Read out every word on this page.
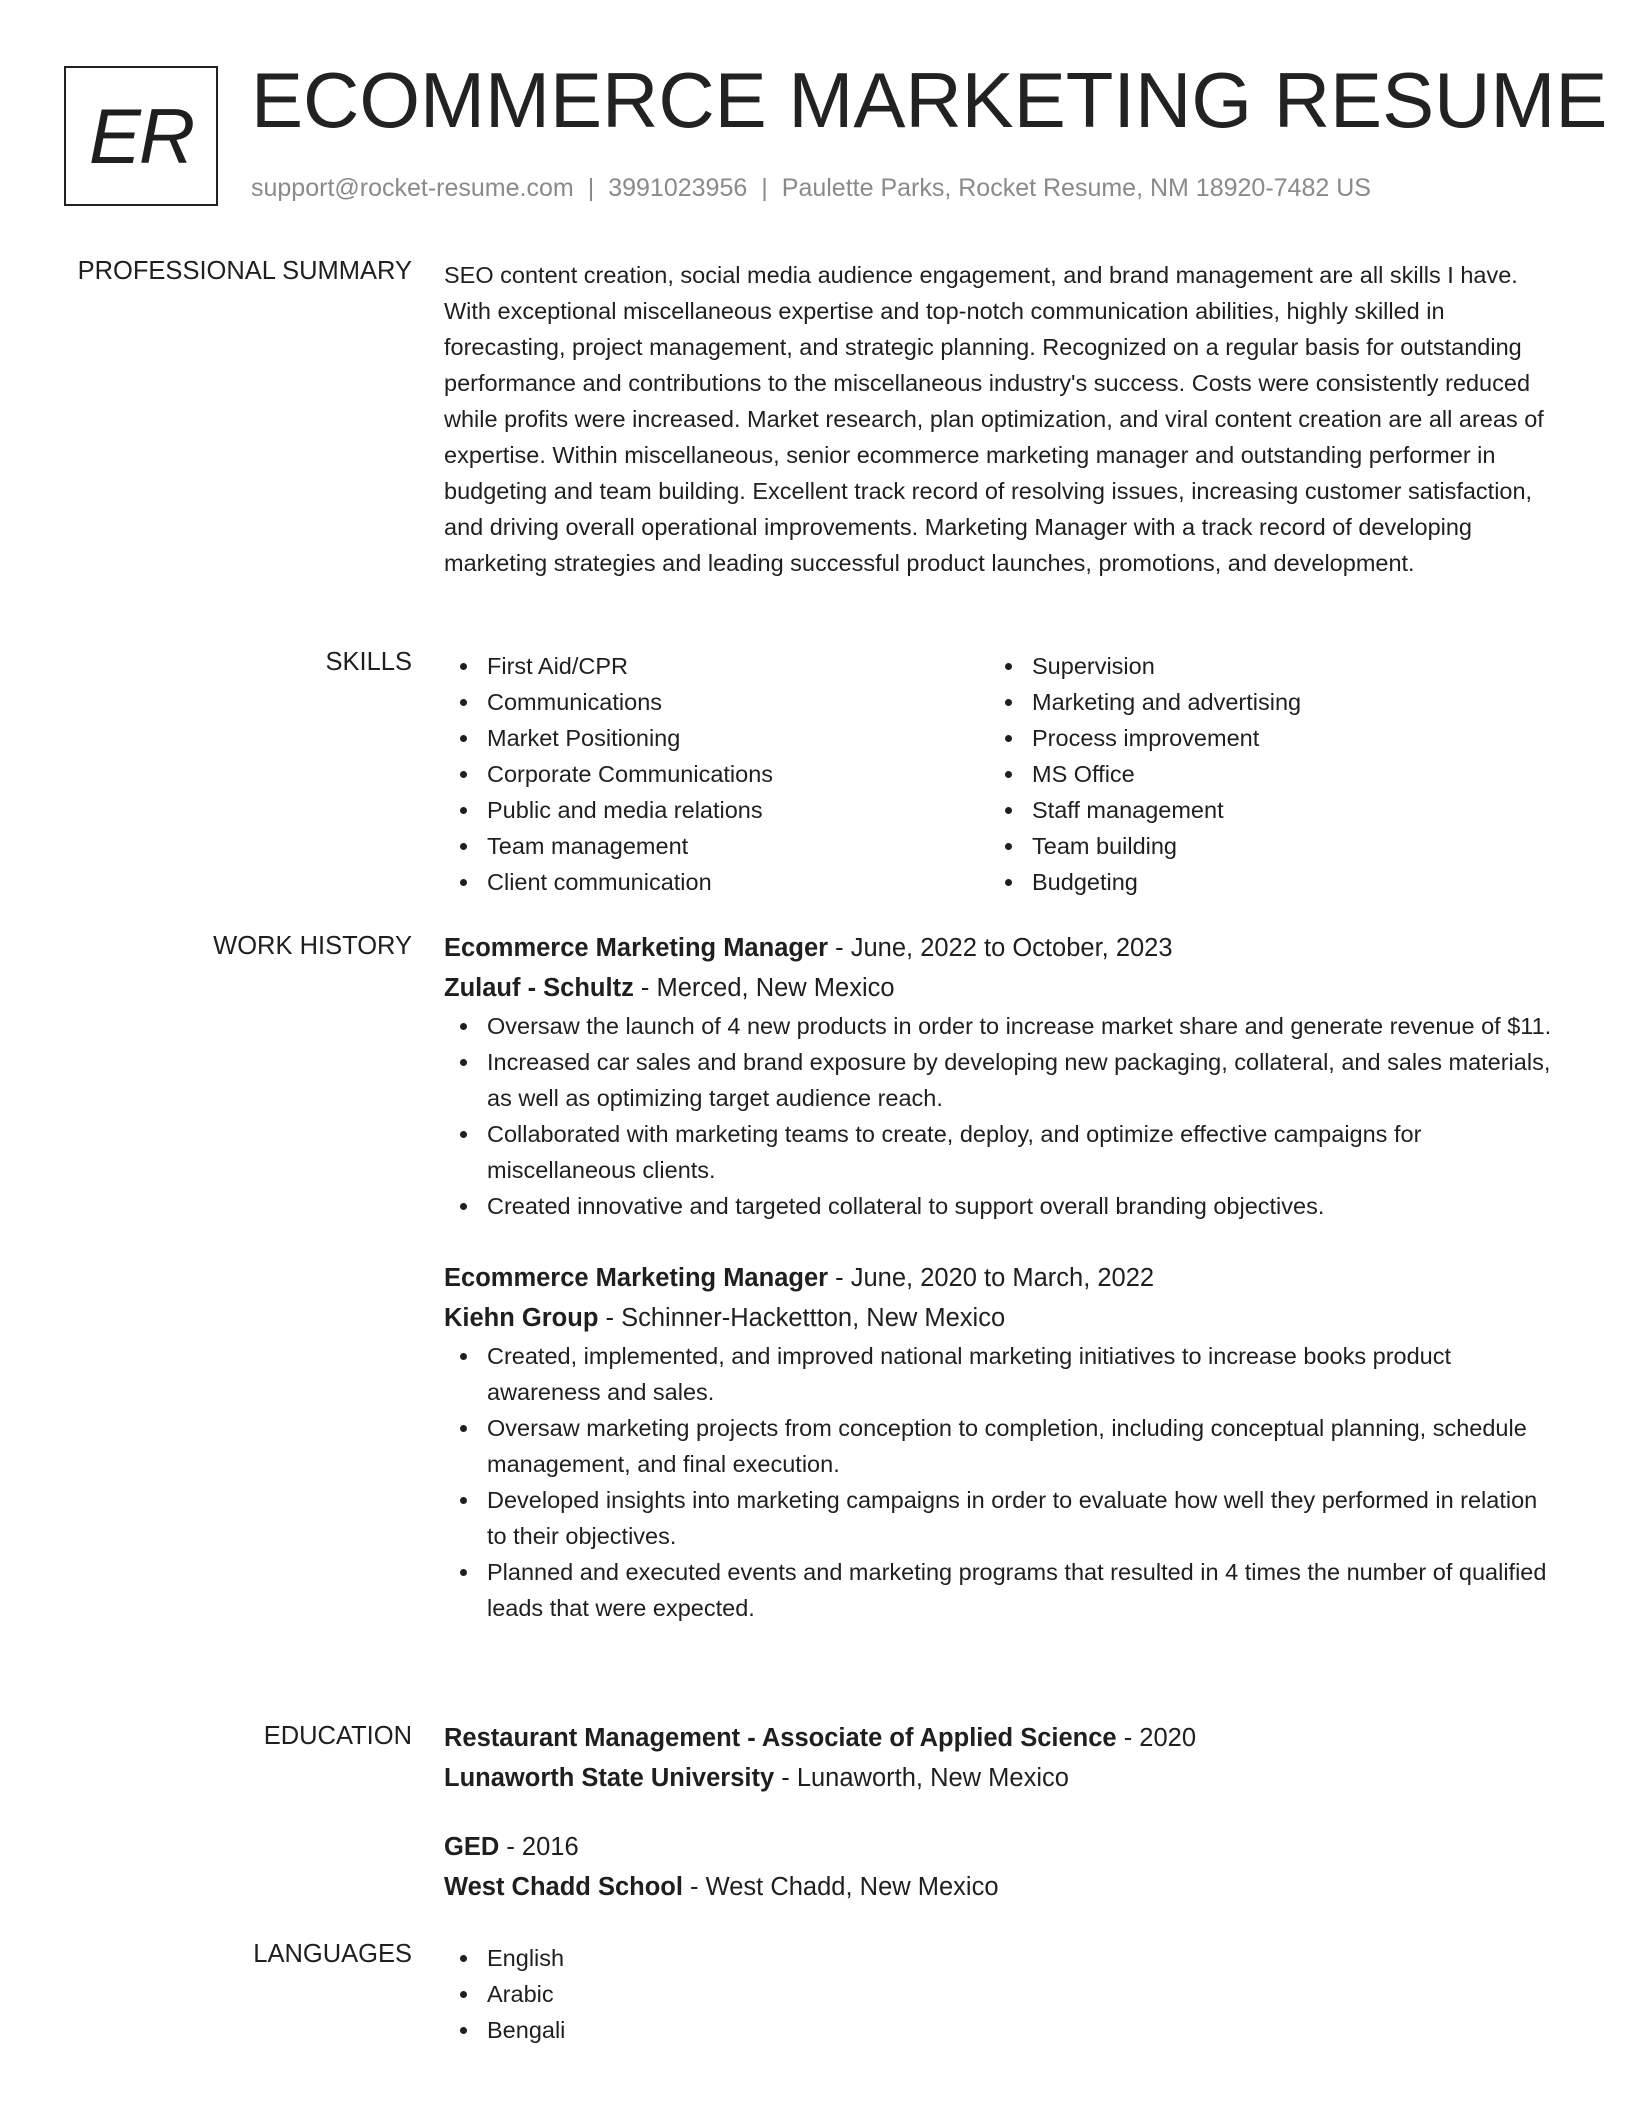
ER ECOMMERCE MARKETING RESUME
support@rocket-resume.com | 3991023956 | Paulette Parks, Rocket Resume, NM 18920-7482 US
PROFESSIONAL SUMMARY SEO content creation, social media audience engagement, and brand management are all skills I have. With exceptional miscellaneous expertise and top-notch communication abilities, highly skilled in forecasting, project management, and strategic planning. Recognized on a regular basis for outstanding performance and contributions to the miscellaneous industry's success. Costs were consistently reduced while profits were increased. Market research, plan optimization, and viral content creation are all areas of expertise. Within miscellaneous, senior ecommerce marketing manager and outstanding performer in budgeting and team building. Excellent track record of resolving issues, increasing customer satisfaction, and driving overall operational improvements. Marketing Manager with a track record of developing marketing strategies and leading successful product launches, promotions, and development.

SKILLS	First Aid/CPR
Communications
Market Positioning
Corporate Communications
Public and media relations
Team management
Client communication
Supervision
Marketing and advertising
Process improvement
MS Office
Staff management
Team building
Budgeting
WORK HISTORY Ecommerce Marketing Manager - June, 2022 to October, 2023
Zulauf - Schultz - Merced, New Mexico
Oversaw the launch of 4 new products in order to increase market share and generate revenue of $11.
Increased car sales and brand exposure by developing new packaging, collateral, and sales materials, as well as optimizing target audience reach.
Collaborated with marketing teams to create, deploy, and optimize effective campaigns for miscellaneous clients.
Created innovative and targeted collateral to support overall branding objectives.
Ecommerce Marketing Manager - June, 2020 to March, 2022
Kiehn Group - Schinner-Hackettton, New Mexico
Created, implemented, and improved national marketing initiatives to increase books product awareness and sales.
Oversaw marketing projects from conception to completion, including conceptual planning, schedule management, and final execution.
Developed insights into marketing campaigns in order to evaluate how well they performed in relation to their objectives.
Planned and executed events and marketing programs that resulted in 4 times the number of qualified leads that were expected.
EDUCATION Restaurant Management - Associate of Applied Science - 2020
Lunaworth State University - Lunaworth, New Mexico
GED - 2016
West Chadd School - West Chadd, New Mexico
LANGUAGES	English
Arabic
Bengali
